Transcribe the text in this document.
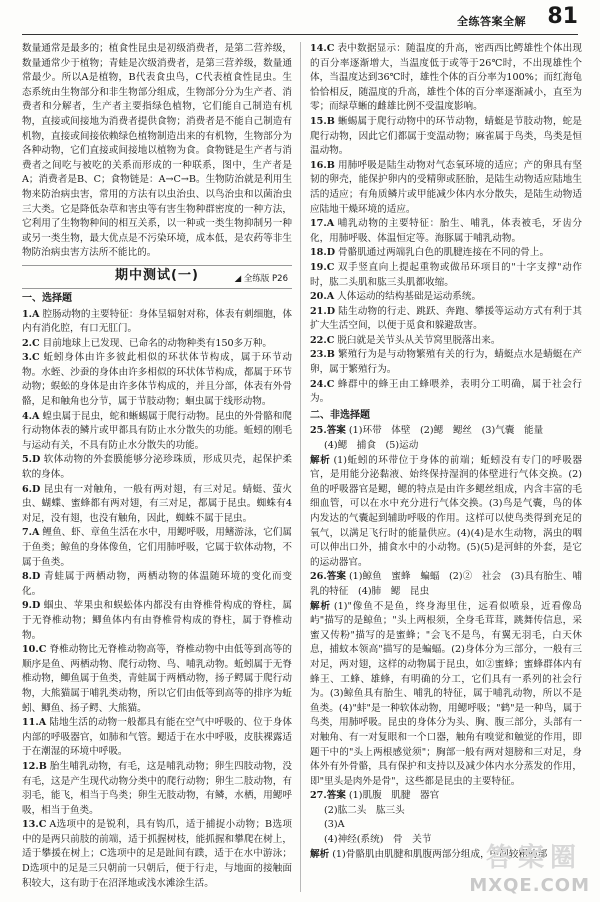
全练答案全解 81

数量通常是最多的；植食性昆虫是初级消费者，是第二营养级，数量通常少于植物；青蛙是次级消费者，是第三营养级，数量通常最少。所以A是植物，B代表食虫鸟，C代表植食性昆虫。生态系统由生物部分和非生物部分组成，生物部分分为生产者、消费者和分解者，生产者主要指绿色植物，它们能自己制造有机物，直接或间接地为消费者提供食物；消费者是不能自己制造有机物，直接或间接依赖绿色植物制造出来的有机物，生物部分为各种动物，它们直接或间接地以植物为食。食物链是生产者与消费者之间吃与被吃的关系而形成的一种联系，图中，生产者是A；消费者是B、C；食物链是：A→C→B。生物防治就是利用生物来防治病虫害，常用的方法有以虫治虫、以鸟治虫和以菌治虫三大类。它是降低杂草和害虫等有害生物种群密度的一种方法，它利用了生物物种间的相互关系，以一种或一类生物抑制另一种或另一类生物，最大优点是不污染环境，成本低，是农药等非生物防治病虫害方法所不能比的。

期中测试(一)	◢ 全练版 P26
一、选择题

1.A 腔肠动物的主要特征：身体呈辐射对称，体表有刺细胞，体内有消化腔，有口无肛门。

2.C 目前地球上已发现、已命名的动物种类有150多万种。

3.C 蚯蚓身体由许多彼此相似的环状体节构成，属于环节动物。水蛭、沙蚕的身体由许多相似的环状体节构成，都属于环节动物；蜈蚣的身体是由许多体节构成的，并且分部，体表有外骨骼，足和触角也分节，属于节肢动物；蛔虫属于线形动物。

4.A 蝗虫属于昆虫，蛇和蜥蜴属于爬行动物。昆虫的外骨骼和爬行动物体表的鳞片或甲都具有防止水分散失的功能。蚯蚓的刚毛与运动有关，不具有防止水分散失的功能。

5.D 软体动物的外套膜能够分泌珍珠质，形成贝壳，起保护柔软的身体。

6.D 昆虫有一对触角，一般有两对翅，有三对足。蜻蜓、萤火虫、蝴蝶、蜜蜂都有两对翅，有三对足，都属于昆虫。蜘蛛有4对足，没有翅，也没有触角，因此，蜘蛛不属于昆虫。

7.A 鲤鱼、虾、章鱼生活在水中，用鳃呼吸，用鳍游泳，它们属于鱼类；鲸鱼的身体像鱼，它们用肺呼吸，它属于软体动物，不属于鱼类。

8.D 青蛙属于两栖动物，两栖动物的体温随环境的变化而变化。

9.D 蝈虫、苹果虫和蜈蚣体内都没有由脊椎骨构成的脊柱，属于无脊椎动物；鲫鱼体内有由脊椎骨构成的脊柱，属于脊椎动物。

10.C 脊椎动物比无脊椎动物高等，脊椎动物中由低等到高等的顺序是鱼、两栖动物、爬行动物、鸟、哺乳动物。蚯蚓属于无脊椎动物，鲫鱼属于鱼类，青蛙属于两栖动物，扬子鳄属于爬行动物，大熊猫属于哺乳类动物，所以它们由低等到高等的排序为蚯蚓、鲫鱼、扬子鳄、大熊猫。

11.A 陆地生活的动物一般都具有能在空气中呼吸的、位于身体内部的呼吸器官，如肺和气管。鳃适于在水中呼吸，皮肤裸露适于在潮湿的环境中呼吸。

12.B 胎生哺乳动物，有毛，这是哺乳动物；卵生四肢动物，没有毛，这是产生现代动物分类中的爬行动物；卵生二肢动物，有羽毛，能飞，相当于鸟类；卵生无肢动物，有鳞，水栖，用鳃呼吸，相当于鱼类。

13.C A选项中的是锐利，具有钩爪，适于捕捉小动物；B选项中的是两只前肢的前端，适于抓握树枝，能抓握和攀爬在树上，适于攀援在树上；C选项中的足是趾间有蹼，适于在水中游泳；D选项中的足是三只朝前一只朝后，便于行走，与地面的接触面积较大，这有助于在沼泽地或浅水滩涂生活。

14.C 表中数据显示：随温度的升高，密西西比鳄雄性个体出现的百分率逐渐增大，当温度低于或等于26℃时，不出现雄性个体，当温度达到36℃时，雄性个体的百分率为100%；而红海龟恰恰相反，随温度的升高，雄性个体的百分率逐渐减小，直至为零；而绿草蜥的雌雄比例不受温度影响。

15.B 蜥蜴属于爬行动物中的环节动物，蜻蜓是节肢动物，蛇是爬行动物，因此它们都属于变温动物；麻雀属于鸟类，鸟类是恒温动物。

16.B 用肺呼吸是陆生动物对气态氧环境的适应；产的卵具有坚韧的卵壳，能保护卵内的受精卵或胚胎，是陆生动物适应陆地生活的适应；有角质鳞片或甲能减少体内水分散失，是陆生动物适应陆地干燥环境的适应。

17.A 哺乳动物的主要特征：胎生、哺乳，体表被毛，牙齿分化，用肺呼吸、体温恒定等。海豚属于哺乳动物。

18.D 骨骼肌通过两端乳白色的肌腱连接在不同的骨上。

19.C 双手竖直向上提起重物或做吊环项目的"十字支撑"动作时，肱二头肌和肱三头肌都收缩。

20.A 人体运动的结构基础是运动系统。

21.D 陆生动物的行走、跳跃、奔跑、攀援等运动方式有利于其扩大生活空间，以便于觅食和躲避敌害。

22.C 脱臼就是关节头从关节窝里脱落出来。

23.B 繁殖行为是与动物繁殖有关的行为，蜻蜓点水是蜻蜓在产卵，属于繁殖行为。

24.C 蜂群中的蜂王由工蜂喂养，表明分工明确，属于社会行为。

二、非选择题

25.答案 (1)环带　体壁　(2)鳃　鳃丝　(3)气囊　能量

(4)鳃　捕食　(5)运动

解析 (1)蚯蚓的环带位于身体的前端；蚯蚓没有专门的呼吸器官，是用能分泌黏液、始终保持湿润的体壁进行气体交换。(2)鱼的呼吸器官是鳃，鳃的特点是由许多鳃丝组成，内含丰富的毛细血管，可以在水中充分进行气体交换。(3)鸟是气囊，鸟的体内发达的气囊起到辅助呼吸的作用。这样可以使鸟类得到充足的氧气，以满足飞行时的能量供应。(4)(4)是水生动物，涡虫的咽可以伸出口外，捕食水中的小动物。(5)(5)是河蚌的外套，是它的运动器官。

26.答案 (1)鲸鱼　蜜蜂　蝙蝠　(2)②　社会　(3)具有胎生、哺乳的特征　(4)肺　鳃　昆虫

解析 (1)"像鱼不是鱼，终身海里住，远看似喷泉，近看像岛屿"描写的是鲸鱼；"头上两根须，全身毛茸茸，跳舞传信息，采蜜又传粉"描写的是蜜蜂；"会飞不是鸟，有翼无羽毛，白天休息，捕蚊本领高"描写的是蝙蝠。(2)身体分为三部分，一般有三对足，两对翅，这样的动物属于昆虫，如②蜜蜂；蜜蜂群体内有蜂王、工蜂、雄蜂，有明确的分工，它们具有一系列的社会行为。(3)鲸鱼具有胎生、哺乳的特征，属于哺乳动物，所以不是鱼类。(4)"蚌"是一种软体动物，用鳃呼吸；"鹤"是一种鸟，属于鸟类，用肺呼吸。昆虫的身体分为头、胸、腹三部分，头部有一对触角、有一对复眼和一个口器，触角有嗅觉和触觉的作用，即题干中的"头上两根感觉须"；胸部一般有两对翅膀和三对足，身体外有外骨骼，具有保护和支持以及减少体内水分蒸发的作用，即"里头是肉外是骨"，这些都是昆虫的主要特征。

27.答案 (1)肌腹　肌腱　器官

(2)肱二头　肱三头

(3)A

(4)神经(系统)　骨　关节

解析 (1)骨骼肌由肌腱和肌腹两部分组成，中间较粗的部

答案圈
MXQE.COM
